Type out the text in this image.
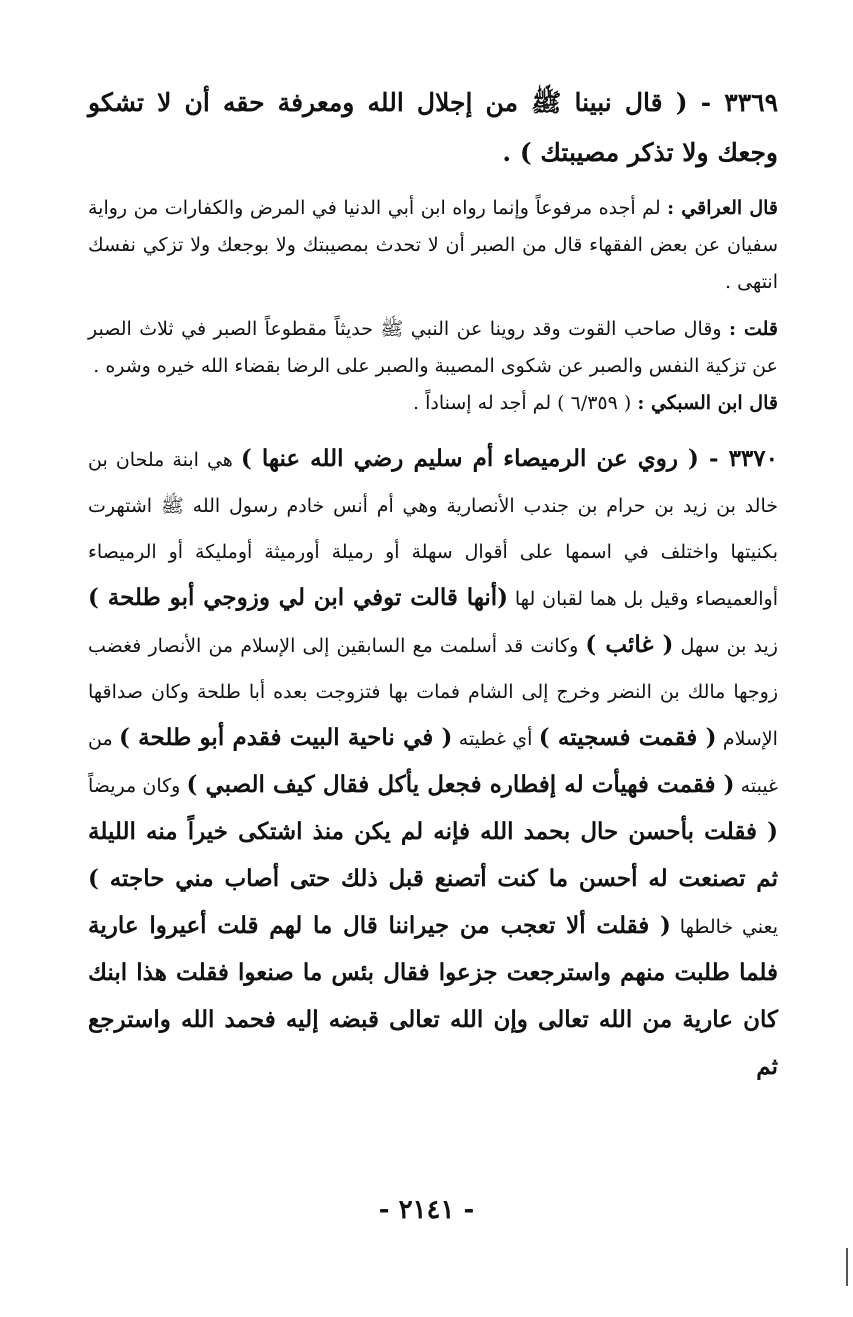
٣٣٦٩ - ( قال نبينا ﷺ من إجلال الله ومعرفة حقه أن لا تشكو وجعك ولا تذكر مصيبتك ) .

قال العراقي : لم أجده مرفوعاً وإنما رواه ابن أبي الدنيا في المرض والكفارات من رواية سفيان عن بعض الفقهاء قال من الصبر أن لا تحدث بمصيبتك ولا بوجعك ولا تزكي نفسك انتهى .

قلت : وقال صاحب القوت وقد روينا عن النبي ﷺ حديثاً مقطوعاً الصبر في ثلاث الصبر عن تزكية النفس والصبر عن شكوى المصيبة والصبر على الرضا بقضاء الله خيره وشره .

قال ابن السبكي : ( ٦/٣٥٩ ) لم أجد له إسناداً .

٣٣٧٠ - ( روي عن الرميصاء أم سليم رضي الله عنها ) هي ابنة ملحان بن خالد بن زيد بن حرام بن جندب الأنصارية وهي أم أنس خادم رسول الله ﷺ اشتهرت بكنيتها واختلف في اسمها على أقوال سهلة أو رميلة أورميثة أومليكة أو الرميصاء أوالعميصاء وقيل بل هما لقبان لها (أنها قالت توفي ابن لي وزوجي أبو طلحة ) زيد بن سهل ( غائب ) وكانت قد أسلمت مع السابقين إلى الإسلام من الأنصار فغضب زوجها مالك بن النضر وخرج إلى الشام فمات بها فتزوجت بعده أبا طلحة وكان صداقها الإسلام ( فقمت فسجيته ) أي غطيته ( في ناحية البيت فقدم أبو طلحة ) من غيبته ( فقمت فهيأت له إفطاره فجعل يأكل فقال كيف الصبي ) وكان مريضاً ( فقلت بأحسن حال بحمد الله فإنه لم يكن منذ اشتكى خيراً منه الليلة ثم تصنعت له أحسن ما كنت أتصنع قبل ذلك حتى أصاب مني حاجته ) يعني خالطها ( فقلت ألا تعجب من جيراننا قال ما لهم قلت أعيروا عارية فلما طلبت منهم واسترجعت جزعوا فقال بئس ما صنعوا فقلت هذا ابنك كان عارية من الله تعالى وإن الله تعالى قبضه إليه فحمد الله واسترجع ثم

- ٢١٤١ -
